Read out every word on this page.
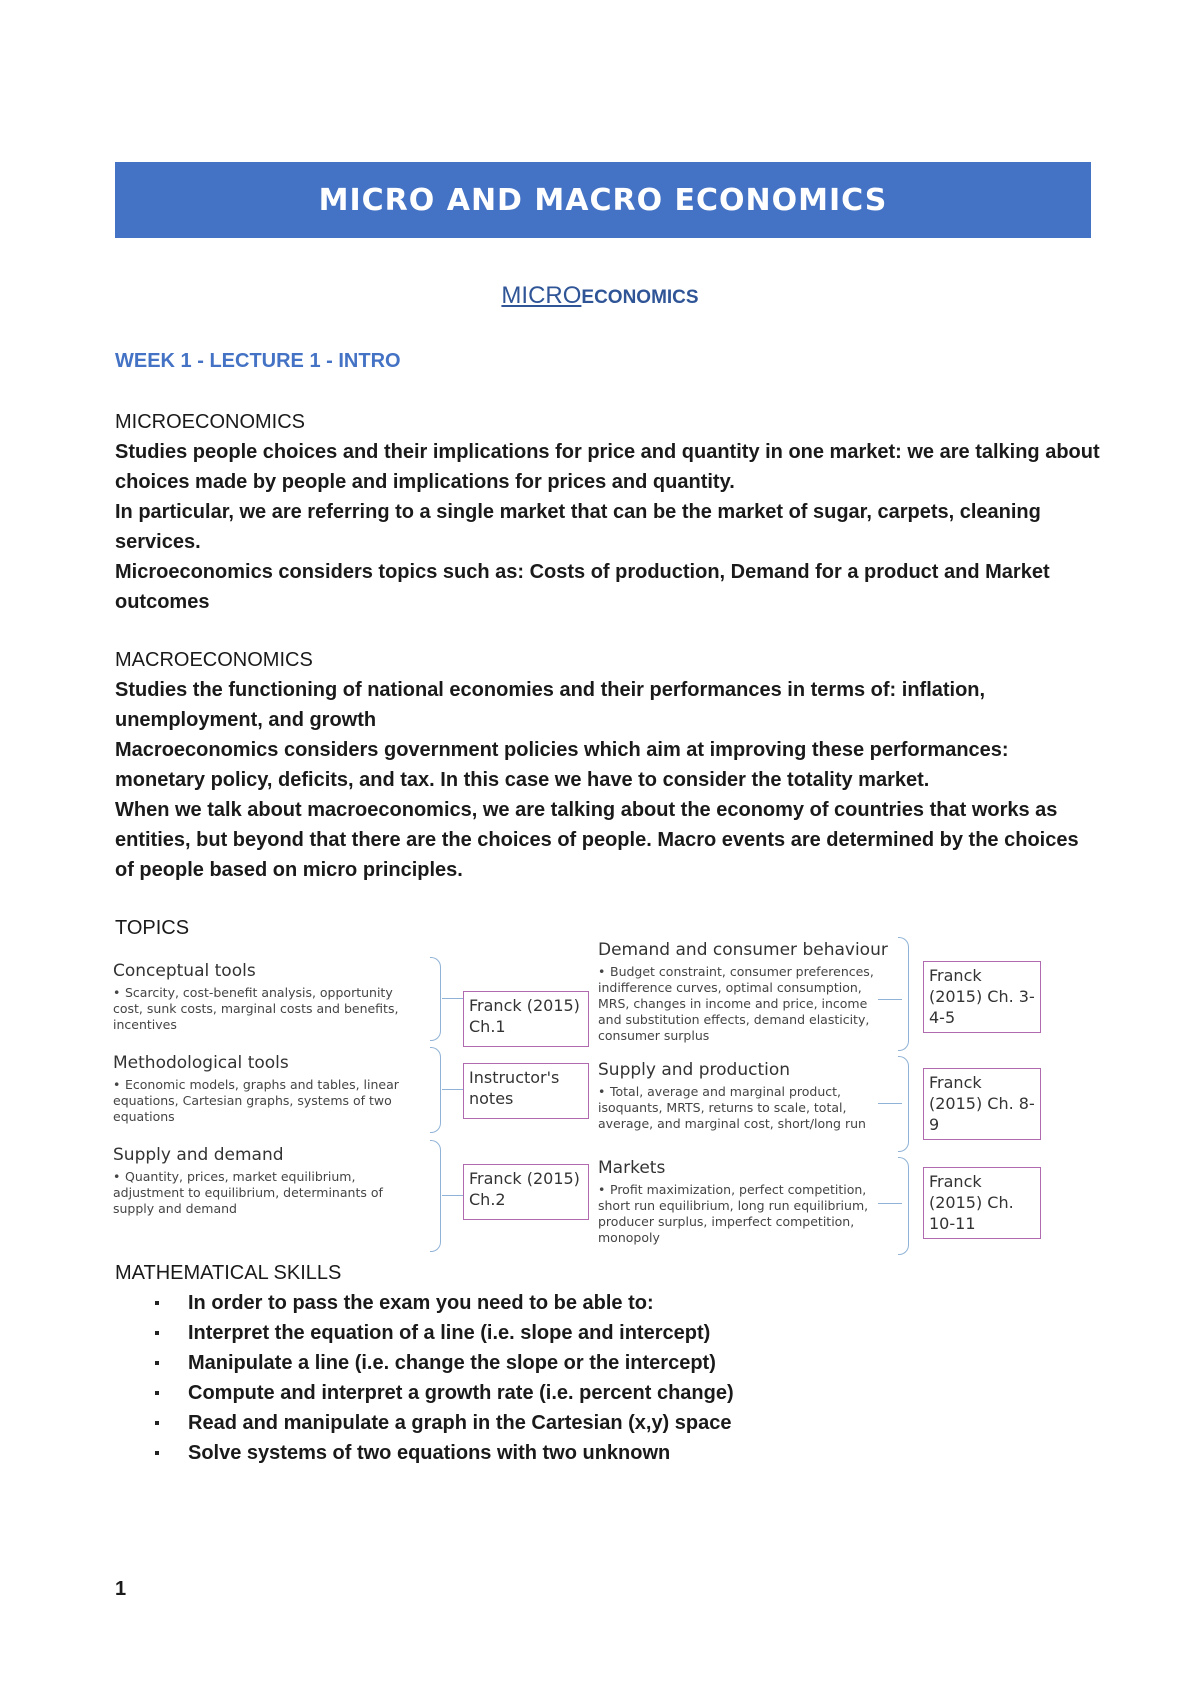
MICRO AND MACRO ECONOMICS
MICROECONOMICS
WEEK 1 - LECTURE 1 - INTRO

MICROECONOMICS

Studies people choices and their implications for price and quantity in one market: we are talking about choices made by people and implications for prices and quantity.

In particular, we are referring to a single market that can be the market of sugar, carpets, cleaning services.

Microeconomics considers topics such as: Costs of production, Demand for a product and Market outcomes

MACROECONOMICS

Studies the functioning of national economies and their performances in terms of: inflation, unemployment, and growth

Macroeconomics considers government policies which aim at improving these performances: monetary policy, deficits, and tax. In this case we have to consider the totality market.

When we talk about macroeconomics, we are talking about the economy of countries that works as entities, but beyond that there are the choices of people. Macro events are determined by the choices of people based on micro principles.

TOPICS
Conceptual tools
• Scarcity, cost-benefit analysis, opportunity cost, sunk costs, marginal costs and benefits, incentives
Methodological tools
• Economic models, graphs and tables, linear equations, Cartesian graphs, systems of two equations
Supply and demand
• Quantity, prices, market equilibrium, adjustment to equilibrium, determinants of supply and demand
Franck (2015) Ch.1
Instructor's notes
Franck (2015) Ch.2
Demand and consumer behaviour
• Budget constraint, consumer preferences, indifference curves, optimal consumption, MRS, changes in income and price, income and substitution effects, demand elasticity, consumer surplus
Supply and production
• Total, average and marginal product, isoquants, MRTS, returns to scale, total, average, and marginal cost, short/long run
Markets
• Profit maximization, perfect competition, short run equilibrium, long run equilibrium, producer surplus, imperfect competition, monopoly
Franck (2015) Ch. 3-4-5
Franck (2015) Ch. 8-9
Franck (2015) Ch. 10-11
MATHEMATICAL SKILLS
In order to pass the exam you need to be able to:
Interpret the equation of a line (i.e. slope and intercept)
Manipulate a line (i.e. change the slope or the intercept)
Compute and interpret a growth rate (i.e. percent change)
Read and manipulate a graph in the Cartesian (x,y) space
Solve systems of two equations with two unknown
1
